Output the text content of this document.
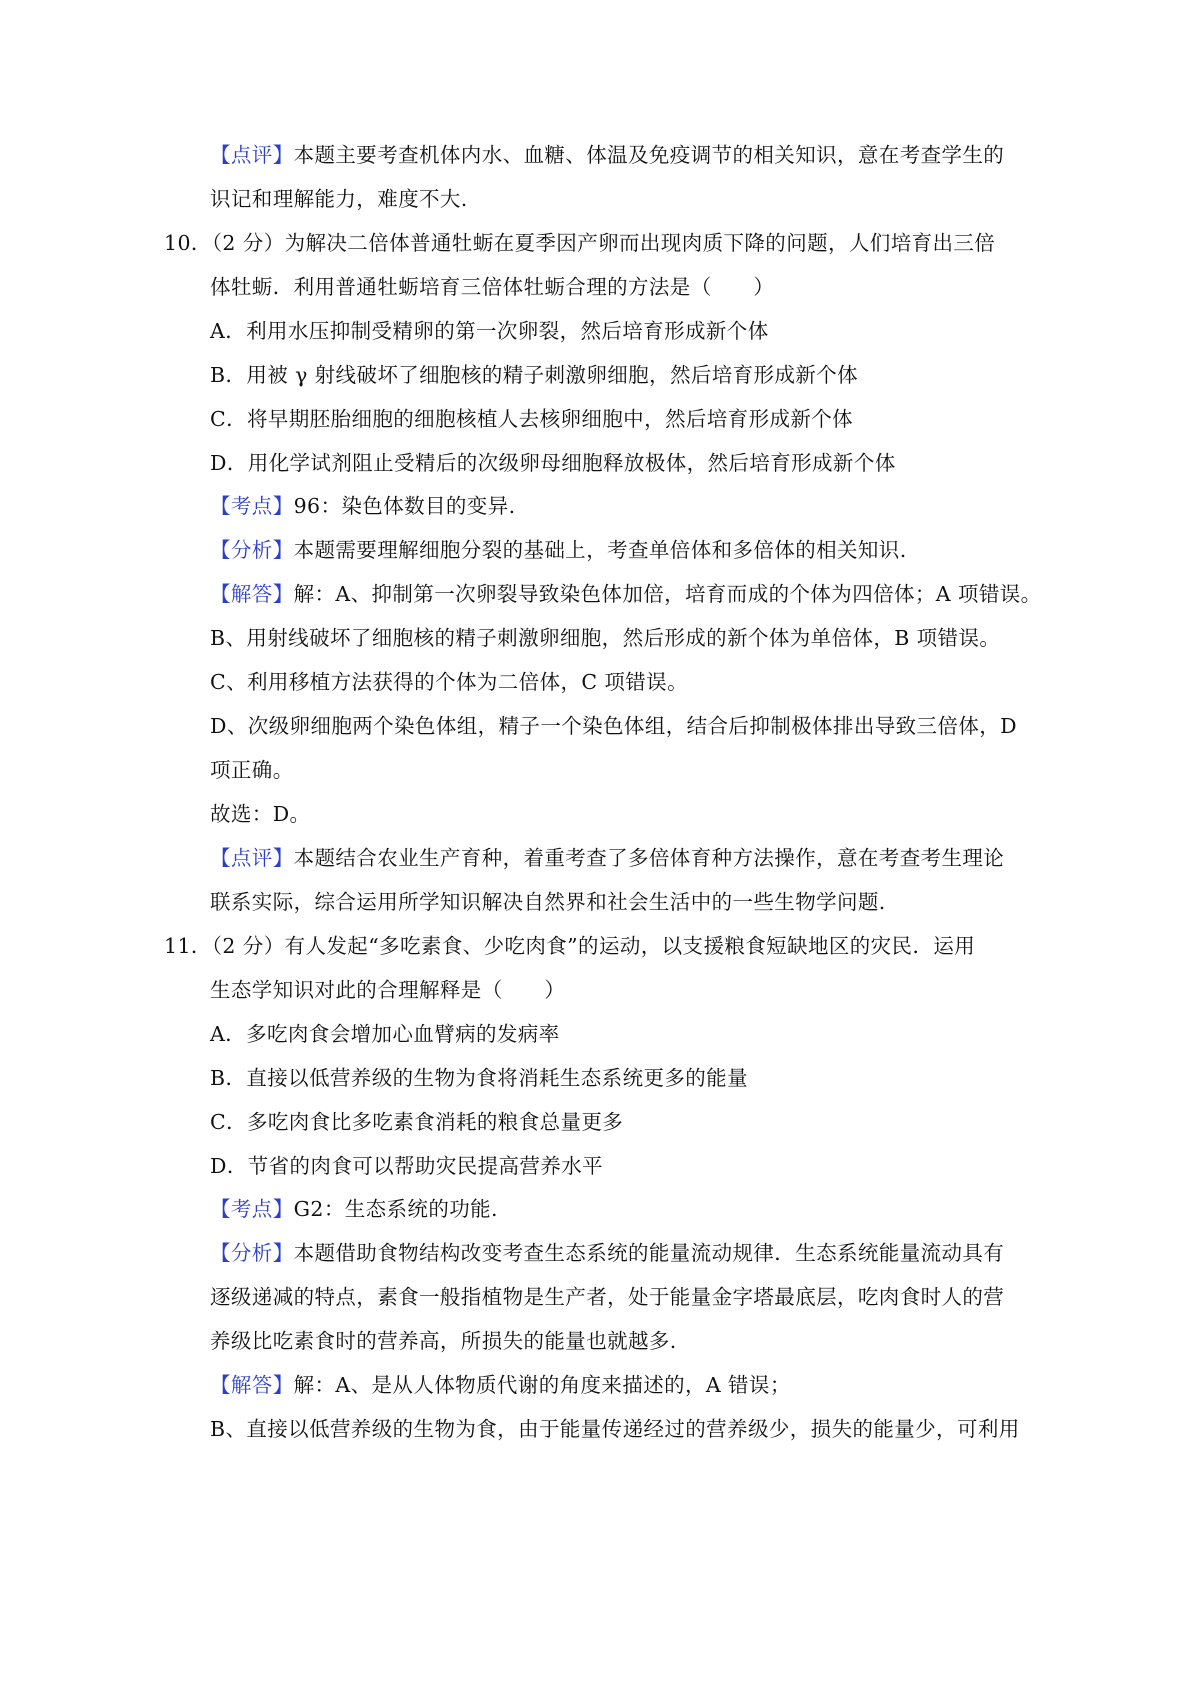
【点评】本题主要考查机体内水、血糖、体温及免疫调节的相关知识，意在考查学生的
识记和理解能力，难度不大.
10．（2 分）为解决二倍体普通牡蛎在夏季因产卵而出现肉质下降的问题，人们培育出三倍
体牡蛎．利用普通牡蛎培育三倍体牡蛎合理的方法是（　　）
A．利用水压抑制受精卵的第一次卵裂，然后培育形成新个体
B．用被 γ 射线破坏了细胞核的精子刺激卵细胞，然后培育形成新个体
C．将早期胚胎细胞的细胞核植人去核卵细胞中，然后培育形成新个体
D．用化学试剂阻止受精后的次级卵母细胞释放极体，然后培育形成新个体
【考点】96：染色体数目的变异.
【分析】本题需要理解细胞分裂的基础上，考查单倍体和多倍体的相关知识.
【解答】解：A、抑制第一次卵裂导致染色体加倍，培育而成的个体为四倍体；A 项错误。
B、用射线破坏了细胞核的精子刺激卵细胞，然后形成的新个体为单倍体，B 项错误。
C、利用移植方法获得的个体为二倍体，C 项错误。
D、次级卵细胞两个染色体组，精子一个染色体组，结合后抑制极体排出导致三倍体，D
项正确。
故选：D。
【点评】本题结合农业生产育种，着重考查了多倍体育种方法操作，意在考查考生理论
联系实际，综合运用所学知识解决自然界和社会生活中的一些生物学问题.
11．（2 分）有人发起“多吃素食、少吃肉食”的运动，以支援粮食短缺地区的灾民．运用
生态学知识对此的合理解释是（　　）
A．多吃肉食会增加心血臂病的发病率
B．直接以低营养级的生物为食将消耗生态系统更多的能量
C．多吃肉食比多吃素食消耗的粮食总量更多
D．节省的肉食可以帮助灾民提高营养水平
【考点】G2：生态系统的功能.
【分析】本题借助食物结构改变考查生态系统的能量流动规律．生态系统能量流动具有
逐级递减的特点，素食一般指植物是生产者，处于能量金字塔最底层，吃肉食时人的营
养级比吃素食时的营养高，所损失的能量也就越多.
【解答】解：A、是从人体物质代谢的角度来描述的，A 错误；
B、直接以低营养级的生物为食，由于能量传递经过的营养级少，损失的能量少，可利用
